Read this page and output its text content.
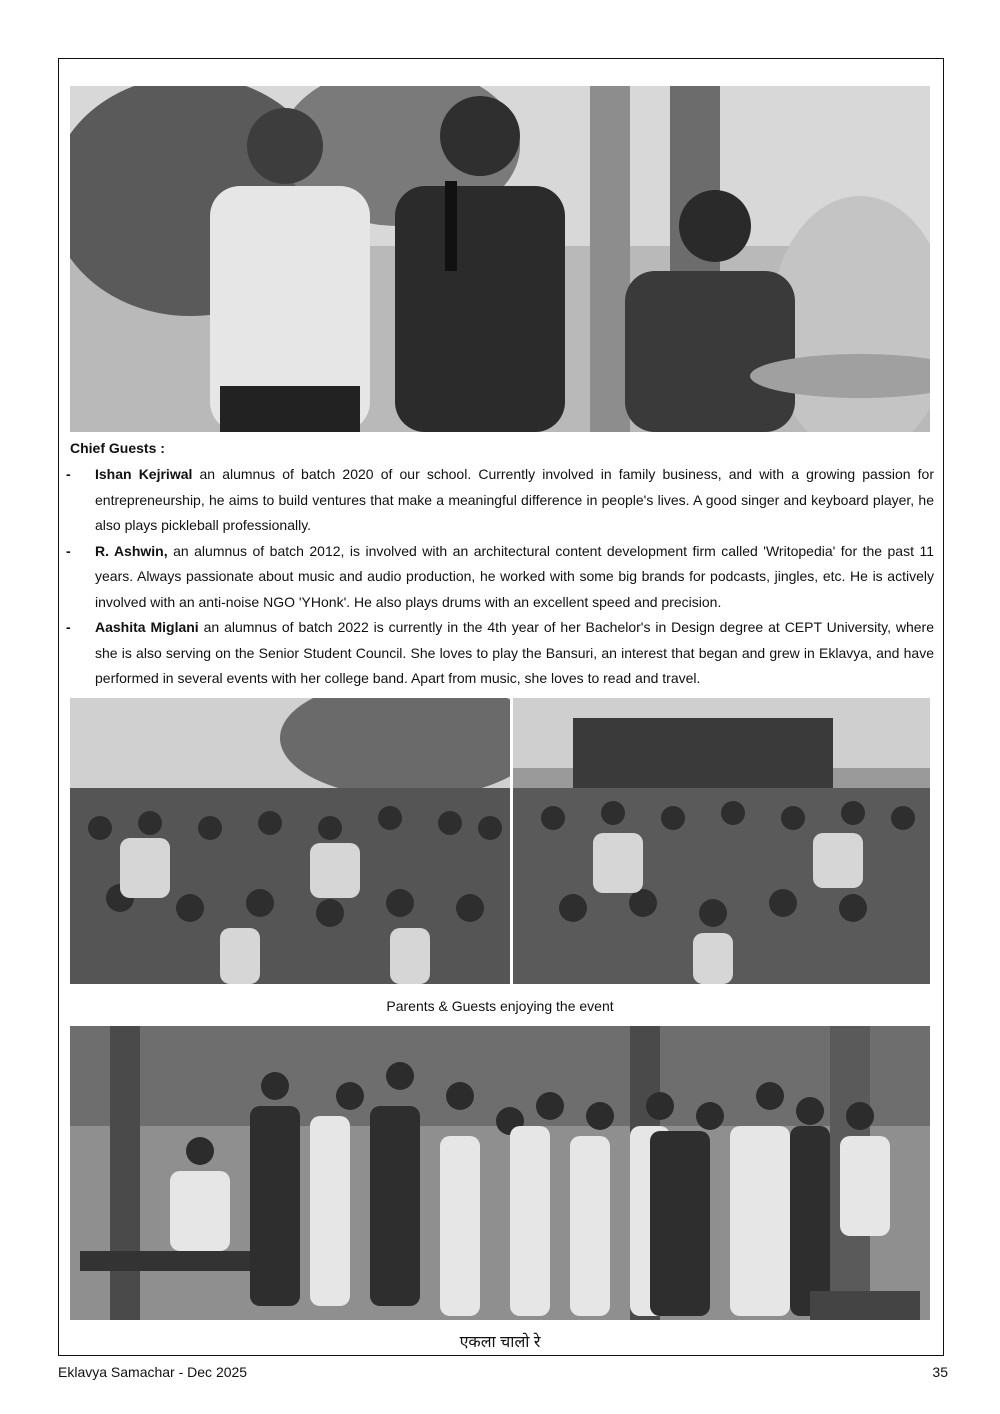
Chief Guests :
- Ishan Kejriwal an alumnus of batch 2020 of our school. Currently involved in family business, and with a growing passion for entrepreneurship, he aims to build ventures that make a meaningful difference in people's lives. A good singer and keyboard player, he also plays pickleball professionally.
- R. Ashwin, an alumnus of batch 2012, is involved with an architectural content development firm called 'Writopedia' for the past 11 years. Always passionate about music and audio production, he worked with some big brands for podcasts, jingles, etc. He is actively involved with an anti-noise NGO 'YHonk'. He also plays drums with an excellent speed and precision.
- Aashita Miglani an alumnus of batch 2022 is currently in the 4th year of her Bachelor's in Design degree at CEPT University, where she is also serving on the Senior Student Council. She loves to play the Bansuri, an interest that began and grew in Eklavya, and have performed in several events with her college band. Apart from music, she loves to read and travel.
Parents & Guests enjoying the event
एकला चालो रे
Eklavya Samachar - Dec 2025	35
